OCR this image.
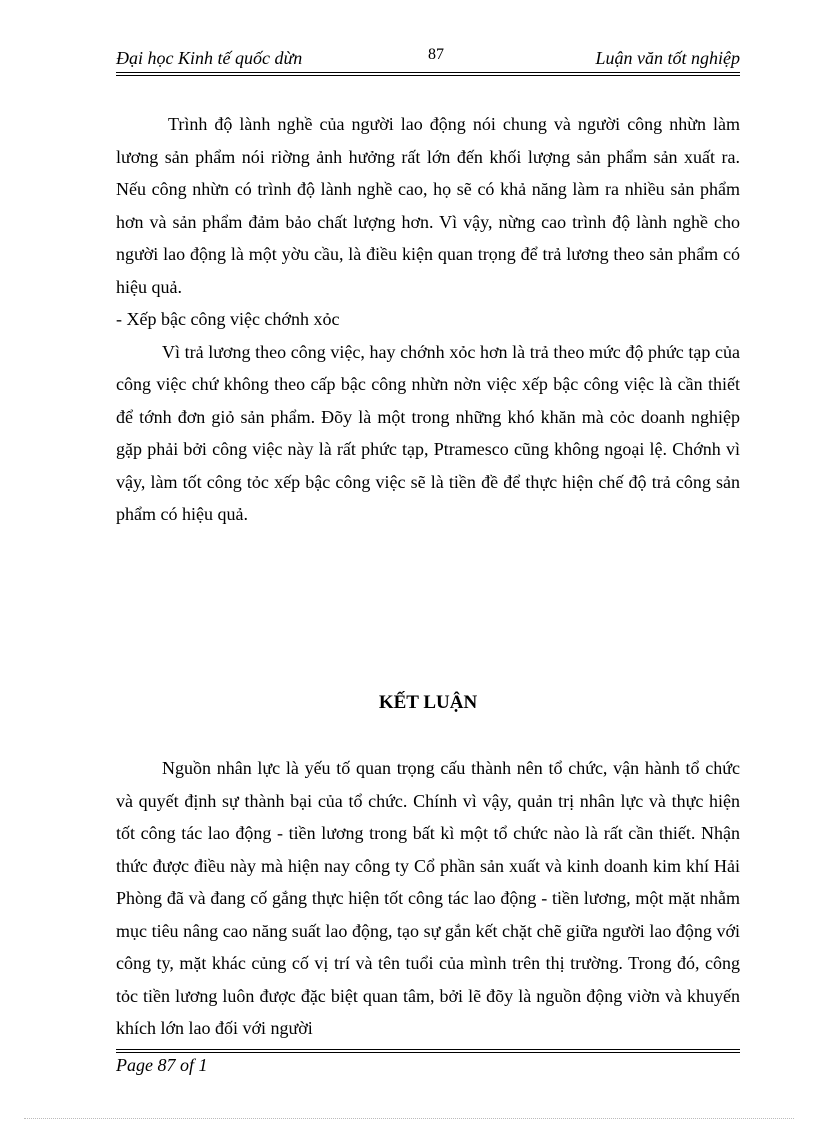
Đại học Kinh tế quốc dừn	87	Luận văn tốt nghiệp

Trình độ lành nghề của người lao động nói chung và người công nhừn làm lương sản phẩm nói riờng ảnh hưởng rất lớn đến khối lượng sản phẩm sản xuất ra. Nếu công nhừn có trình độ lành nghề cao, họ sẽ có khả năng làm ra nhiều sản phẩm hơn và sản phẩm đảm bảo chất lượng hơn. Vì vậy, nừng cao trình độ lành nghề cho người lao động là một yờu cầu, là điều kiện quan trọng để trả lương theo sản phẩm có hiệu quả.

- Xếp bậc công việc chớnh xỏc

Vì trả lương theo công việc, hay chớnh xỏc hơn là trả theo mức độ phức tạp của công việc chứ không theo cấp bậc công nhừn nờn việc xếp bậc công việc là cần thiết để tớnh đơn giỏ sản phẩm. Đõy là một trong những khó khăn mà cỏc doanh nghiệp gặp phải bởi công việc này là rất phức tạp, Ptramesco cũng không ngoại lệ. Chớnh vì vậy, làm tốt công tỏc xếp bậc công việc sẽ là tiền đề để thực hiện chế độ trả công sản phẩm có hiệu quả.

KẾT LUẬN

Nguồn nhân lực là yếu tố quan trọng cấu thành nên tổ chức, vận hành tổ chức và quyết định sự thành bại của tổ chức. Chính vì vậy, quản trị nhân lực và thực hiện tốt công tác lao động - tiền lương trong bất kì một tổ chức nào là rất cần thiết. Nhận thức được điều này mà hiện nay công ty Cổ phần sản xuất và kinh doanh kim khí Hải Phòng đã và đang cố gắng thực hiện tốt công tác lao động - tiền lương, một mặt nhằm mục tiêu nâng cao năng suất lao động, tạo sự gắn kết chặt chẽ giữa người lao động với công ty, mặt khác củng cố vị trí và tên tuổi của mình trên thị trường. Trong đó, công tỏc tiền lương luôn được đặc biệt quan tâm, bởi lẽ đõy là nguồn động viờn và khuyến khích lớn lao đối với người

Page 87 of 1
